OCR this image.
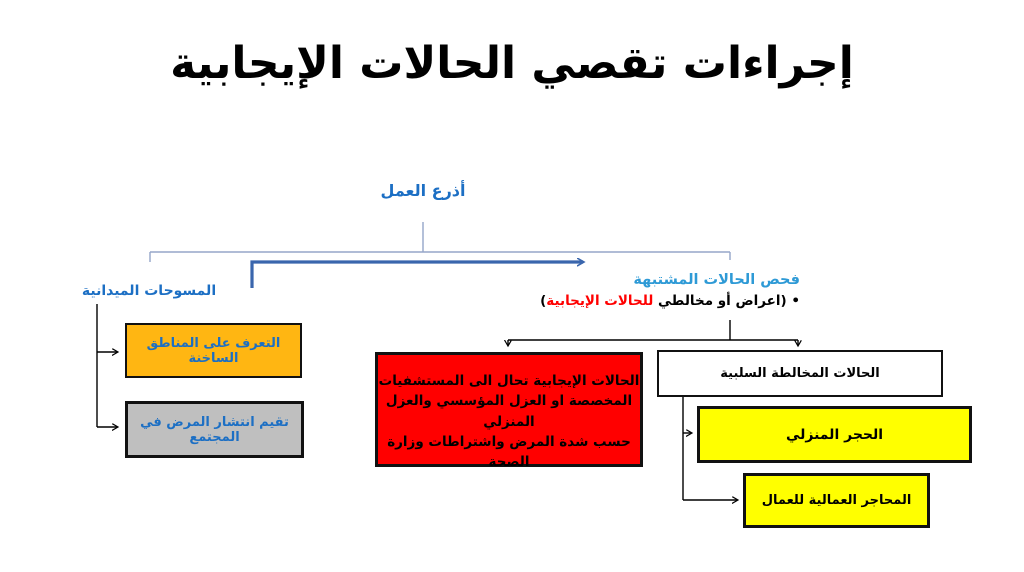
إجراءات تقصي الحالات الإيجابية
أذرع العمل
المسوحات الميدانية
فحص الحالات المشتبهة
• (اعراض أو مخالطي للحالات الإيجابية)
التعرف على المناطق الساخنة
تقيم انتشار المرض في المجتمع
الحالات الإيجابية تحال الى المستشفيات
المخصصة او العزل المؤسسي والعزل المنزلي
حسب شدة المرض واشتراطات وزارة الصحة
الحالات المخالطة السلبية
الحجر المنزلي
المحاجر العمالية للعمال
